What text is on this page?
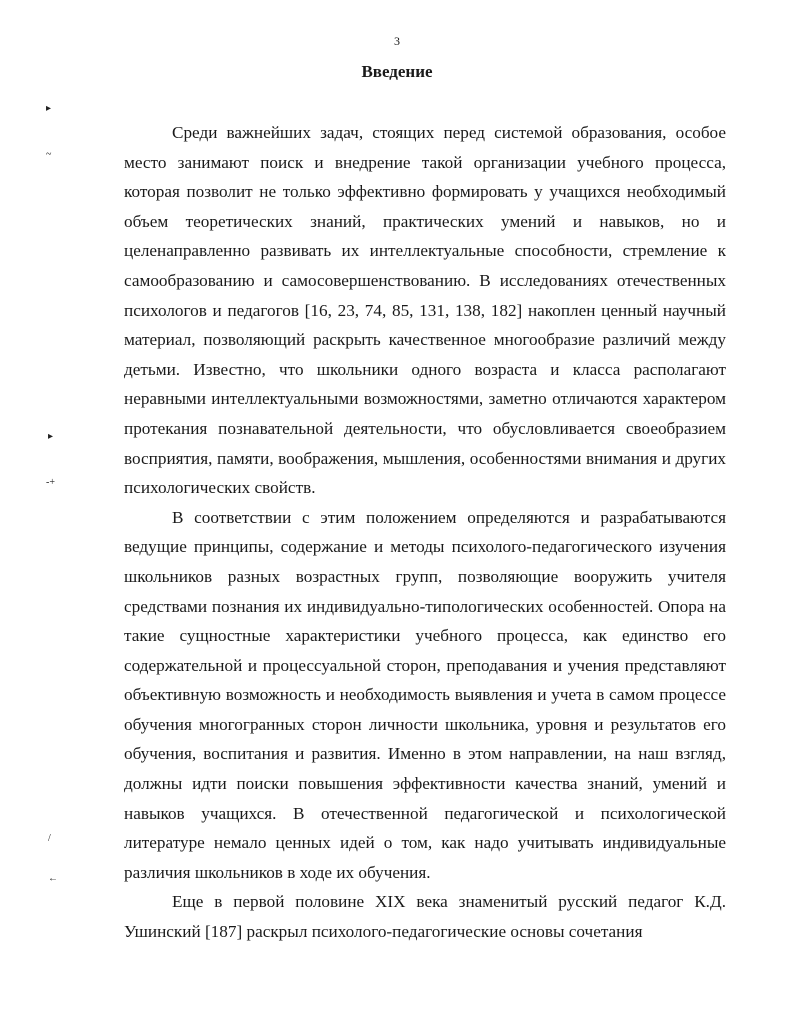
3
Введение

Среди важнейших задач, стоящих перед системой образования, особое место занимают поиск и внедрение такой организации учебного процесса, которая позволит не только эффективно формировать у учащихся необходимый объем теоретических знаний, практических умений и навыков, но и целенаправленно развивать их интеллектуальные способности, стремление к самообразованию и самосовершенствованию. В исследованиях отечественных психологов и педагогов [16, 23, 74, 85, 131, 138, 182] накоплен ценный научный материал, позволяющий раскрыть качественное многообразие различий между детьми. Известно, что школьники одного возраста и класса располагают неравными интеллектуальными возможностями, заметно отличаются характером протекания познавательной деятельности, что обусловливается своеобразием восприятия, памяти, воображения, мышления, особенностями внимания и других психологических свойств.

В соответствии с этим положением определяются и разрабатываются ведущие принципы, содержание и методы психолого-педагогического изучения школьников разных возрастных групп, позволяющие вооружить учителя средствами познания их индивидуально-типологических особенностей. Опора на такие сущностные характеристики учебного процесса, как единство его содержательной и процессуальной сторон, преподавания и учения представляют объективную возможность и необходимость выявления и учета в самом процессе обучения многогранных сторон личности школьника, уровня и результатов его обучения, воспитания и развития. Именно в этом направлении, на наш взгляд, должны идти поиски повышения эффективности качества знаний, умений и навыков учащихся. В отечественной педагогической и психологической литературе немало ценных идей о том, как надо учитывать индивидуальные различия школьников в ходе их обучения.

Еще в первой половине XIX века знаменитый русский педагог К.Д. Ушинский [187] раскрыл психолого-педагогические основы сочетания

▸
~
▸
-+
/
←
